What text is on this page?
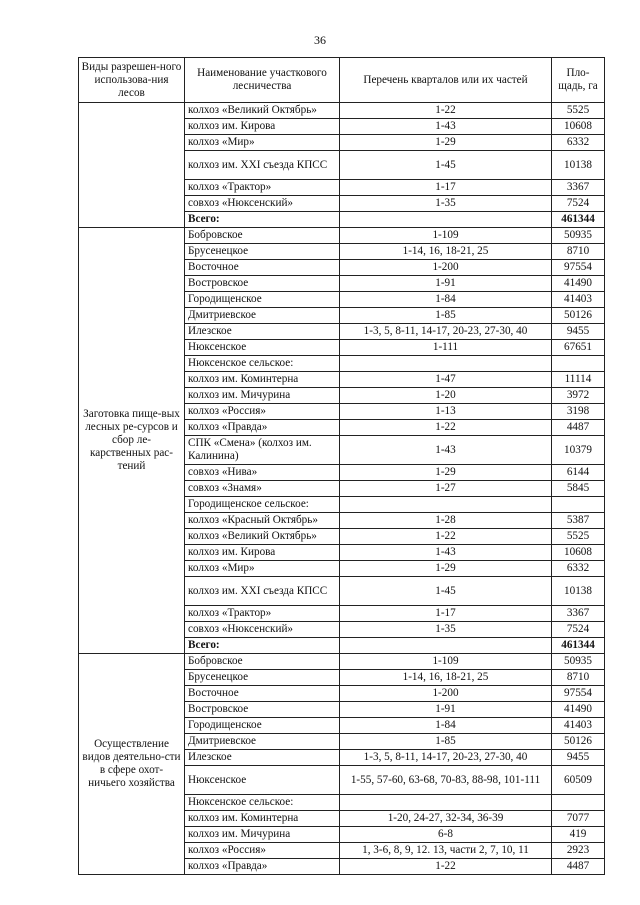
36
Виды разрешен-ного использова-ния лесов	Наименование участкового лесничества	Перечень кварталов или их частей	Пло-щадь, га
	колхоз «Великий Октябрь»	1-22	5525
	колхоз им. Кирова	1-43	10608
	колхоз «Мир»	1-29	6332
	колхоз им. XXI съезда КПСС	1-45	10138
	колхоз «Трактор»	1-17	3367
	совхоз «Нюксенский»	1-35	7524
	Всего:		461344
Заготовка пище-вых лесных ре-сурсов и сбор ле-карственных рас-тений	Бобровское	1-109	50935
	Брусенецкое	1-14, 16, 18-21, 25	8710
	Восточное	1-200	97554
	Востровское	1-91	41490
	Городищенское	1-84	41403
	Дмитриевское	1-85	50126
	Илезское	1-3, 5, 8-11, 14-17, 20-23, 27-30, 40	9455
	Нюксенское	1-111	67651
	Нюксенское сельское:		
	колхоз им. Коминтерна	1-47	11114
	колхоз им. Мичурина	1-20	3972
	колхоз «Россия»	1-13	3198
	колхоз «Правда»	1-22	4487
	СПК «Смена» (колхоз им. Калинина)	1-43	10379
	совхоз «Нива»	1-29	6144
	совхоз «Знамя»	1-27	5845
	Городищенское сельское:		
	колхоз «Красный Октябрь»	1-28	5387
	колхоз «Великий Октябрь»	1-22	5525
	колхоз им. Кирова	1-43	10608
	колхоз «Мир»	1-29	6332
	колхоз им. XXI съезда КПСС	1-45	10138
	колхоз «Трактор»	1-17	3367
	совхоз «Нюксенский»	1-35	7524
	Всего:		461344
Осуществление видов деятельно-сти в сфере охот-ничьего хозяйства	Бобровское	1-109	50935
	Брусенецкое	1-14, 16, 18-21, 25	8710
	Восточное	1-200	97554
	Востровское	1-91	41490
	Городищенское	1-84	41403
	Дмитриевское	1-85	50126
	Илезское	1-3, 5, 8-11, 14-17, 20-23, 27-30, 40	9455
	Нюксенское	1-55, 57-60, 63-68, 70-83, 88-98, 101-111	60509
	Нюксенское сельское:		
	колхоз им. Коминтерна	1-20, 24-27, 32-34, 36-39	7077
	колхоз им. Мичурина	6-8	419
	колхоз «Россия»	1, 3-6, 8, 9, 12. 13, части 2, 7, 10, 11	2923
	колхоз «Правда»	1-22	4487
